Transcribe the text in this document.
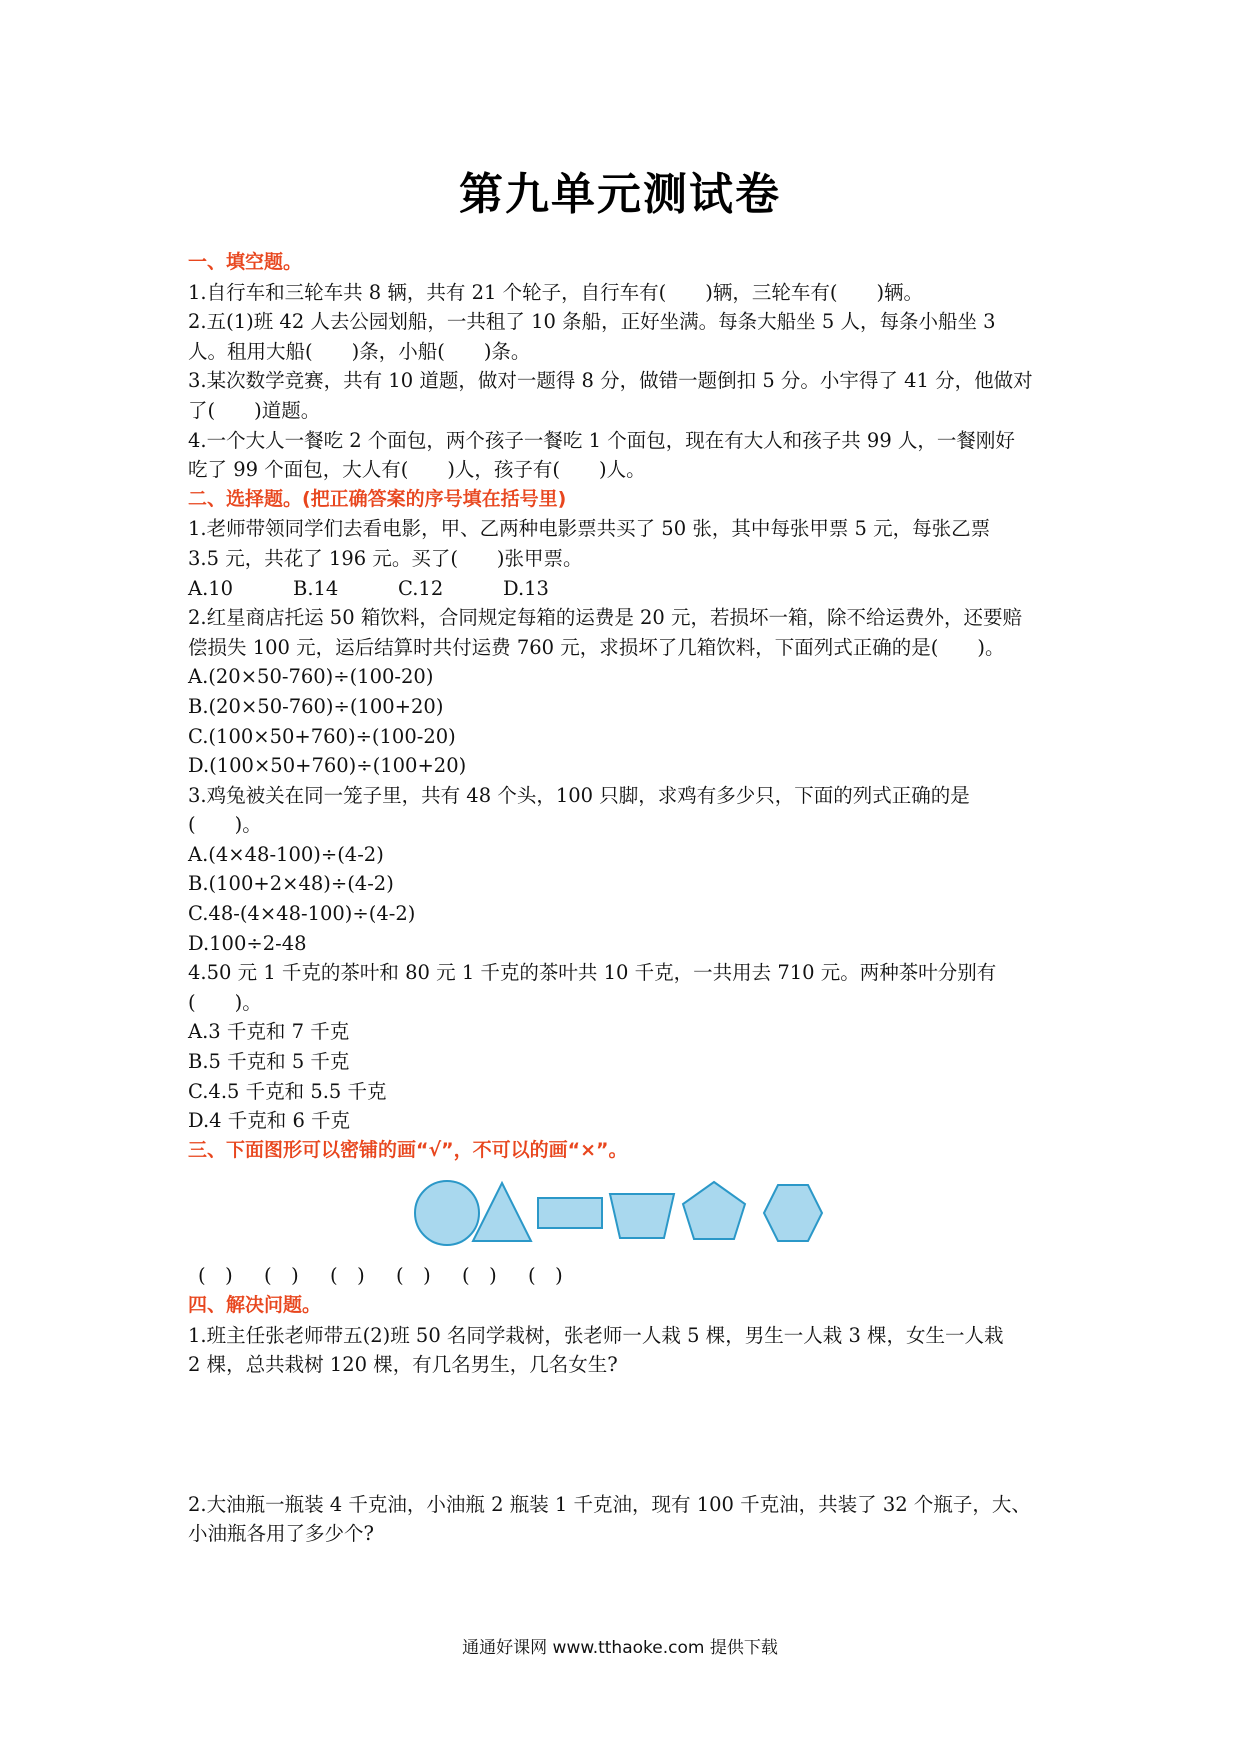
第九单元测试卷
一、填空题。
1.自行车和三轮车共 8 辆，共有 21 个轮子，自行车有(　　)辆，三轮车有(　　)辆。
2.五(1)班 42 人去公园划船，一共租了 10 条船，正好坐满。每条大船坐 5 人，每条小船坐 3
人。租用大船(　　)条，小船(　　)条。
3.某次数学竞赛，共有 10 道题，做对一题得 8 分，做错一题倒扣 5 分。小宇得了 41 分，他做对
了(　　)道题。
4.一个大人一餐吃 2 个面包，两个孩子一餐吃 1 个面包，现在有大人和孩子共 99 人，一餐刚好
吃了 99 个面包，大人有(　　)人，孩子有(　　)人。
二、选择题。(把正确答案的序号填在括号里)
1.老师带领同学们去看电影，甲、乙两种电影票共买了 50 张，其中每张甲票 5 元，每张乙票
3.5 元，共花了 196 元。买了(　　)张甲票。
A.10	B.14	C.12	D.13
2.红星商店托运 50 箱饮料，合同规定每箱的运费是 20 元，若损坏一箱，除不给运费外，还要赔
偿损失 100 元，运后结算时共付运费 760 元，求损坏了几箱饮料，下面列式正确的是(　　)。
A.(20×50-760)÷(100-20)
B.(20×50-760)÷(100+20)
C.(100×50+760)÷(100-20)
D.(100×50+760)÷(100+20)
3.鸡兔被关在同一笼子里，共有 48 个头，100 只脚，求鸡有多少只，下面的列式正确的是
(　　)。
A.(4×48-100)÷(4-2)
B.(100+2×48)÷(4-2)
C.48-(4×48-100)÷(4-2)
D.100÷2-48
4.50 元 1 千克的茶叶和 80 元 1 千克的茶叶共 10 千克，一共用去 710 元。两种茶叶分别有
(　　)。
A.3 千克和 7 千克
B.5 千克和 5 千克
C.4.5 千克和 5.5 千克
D.4 千克和 6 千克
三、下面图形可以密铺的画“√”，不可以的画“×”。
(　)	(　)	(　)	(　)	(　)	(　)
四、解决问题。
1.班主任张老师带五(2)班 50 名同学栽树，张老师一人栽 5 棵，男生一人栽 3 棵，女生一人栽
2 棵，总共栽树 120 棵，有几名男生，几名女生?
2.大油瓶一瓶装 4 千克油，小油瓶 2 瓶装 1 千克油，现有 100 千克油，共装了 32 个瓶子，大、
小油瓶各用了多少个?
通通好课网 www.tthaoke.com 提供下载
